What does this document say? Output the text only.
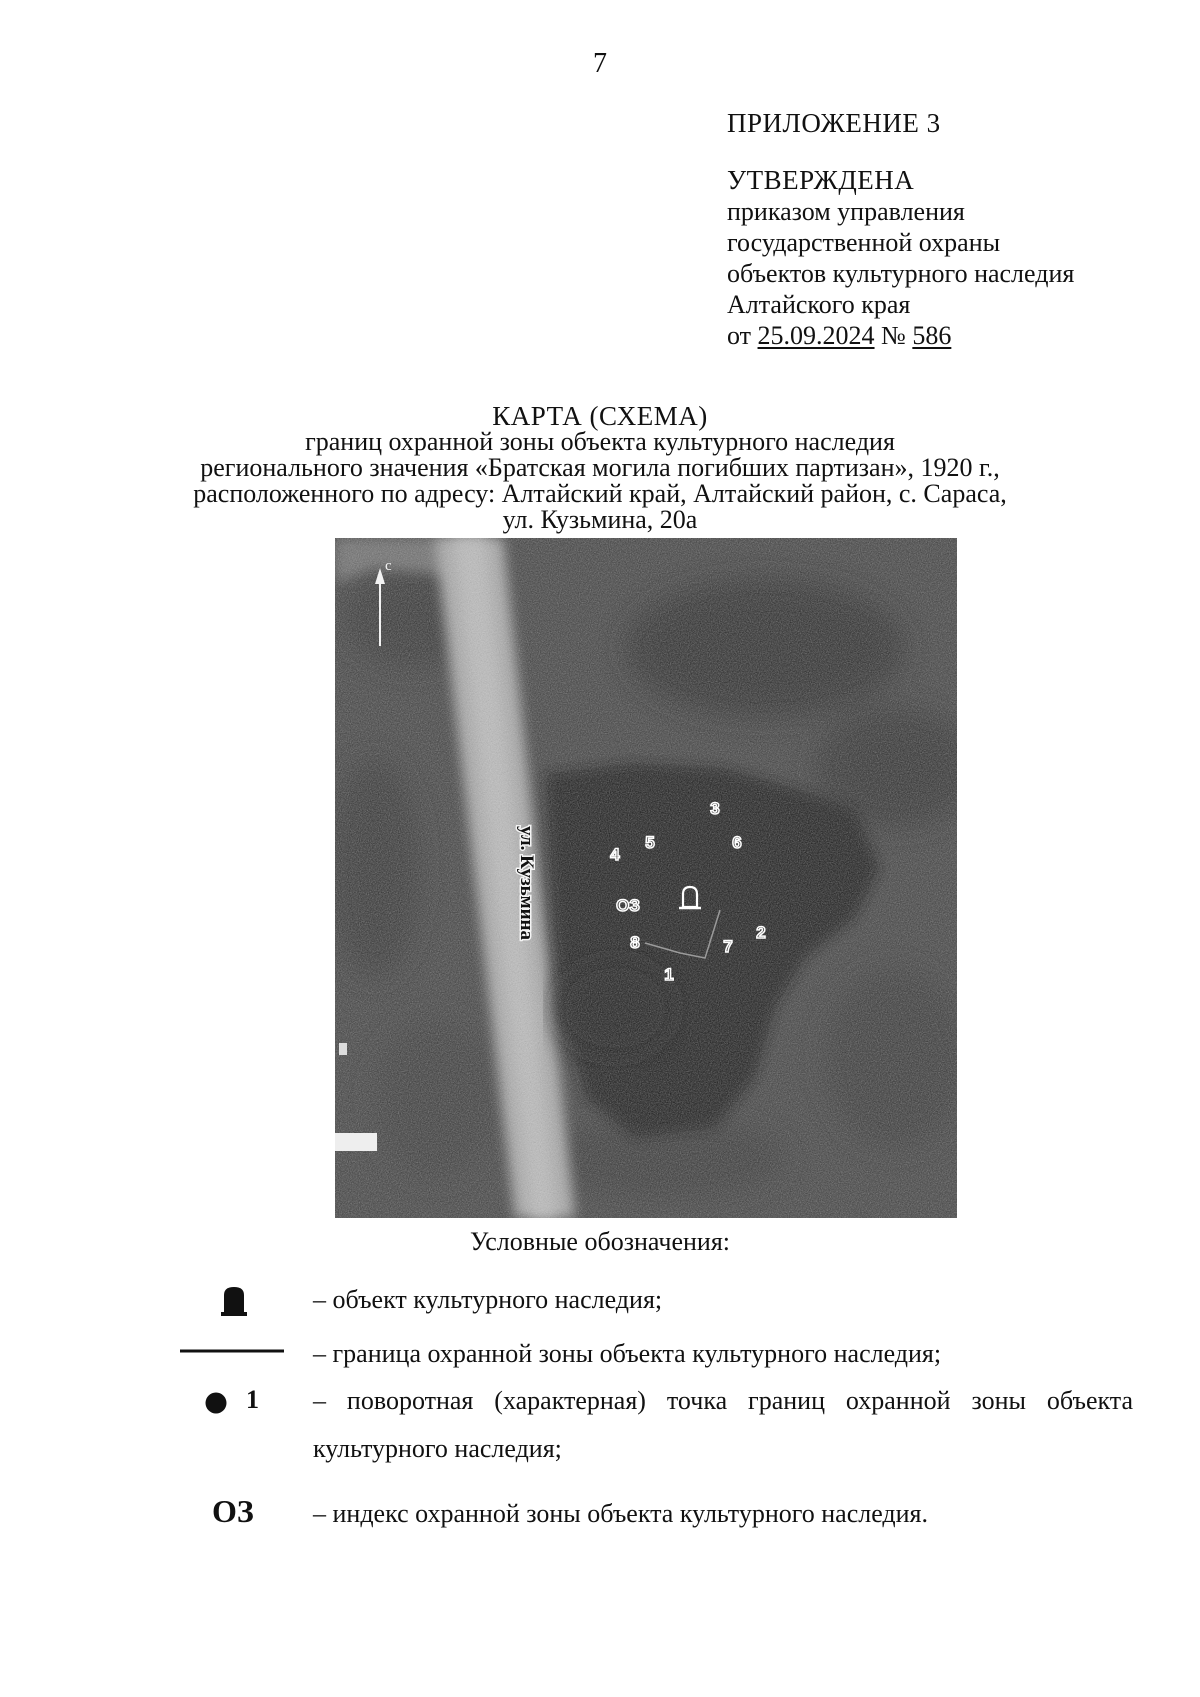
7
ПРИЛОЖЕНИЕ 3
УТВЕРЖДЕНА
приказом управления
государственной охраны
объектов культурного наследия
Алтайского края
от 25.09.2024 № 586
КАРТА (СХЕМА)
границ охранной зоны объекта культурного наследия
регионального значения «Братская могила погибших партизан», 1920 г.,
расположенного по адресу: Алтайский край, Алтайский район, с. Сараса,
ул. Кузьмина, 20а
с
ул. Кузьмина
1
2
3
4
5	6
7
8
ОЗ
Условные обозначения:
– объект культурного наследия;
– граница охранной зоны объекта культурного наследия;
1 – поворотная (характерная) точка границ охранной зоны объекта
культурного наследия;
ОЗ – индекс охранной зоны объекта культурного наследия.
